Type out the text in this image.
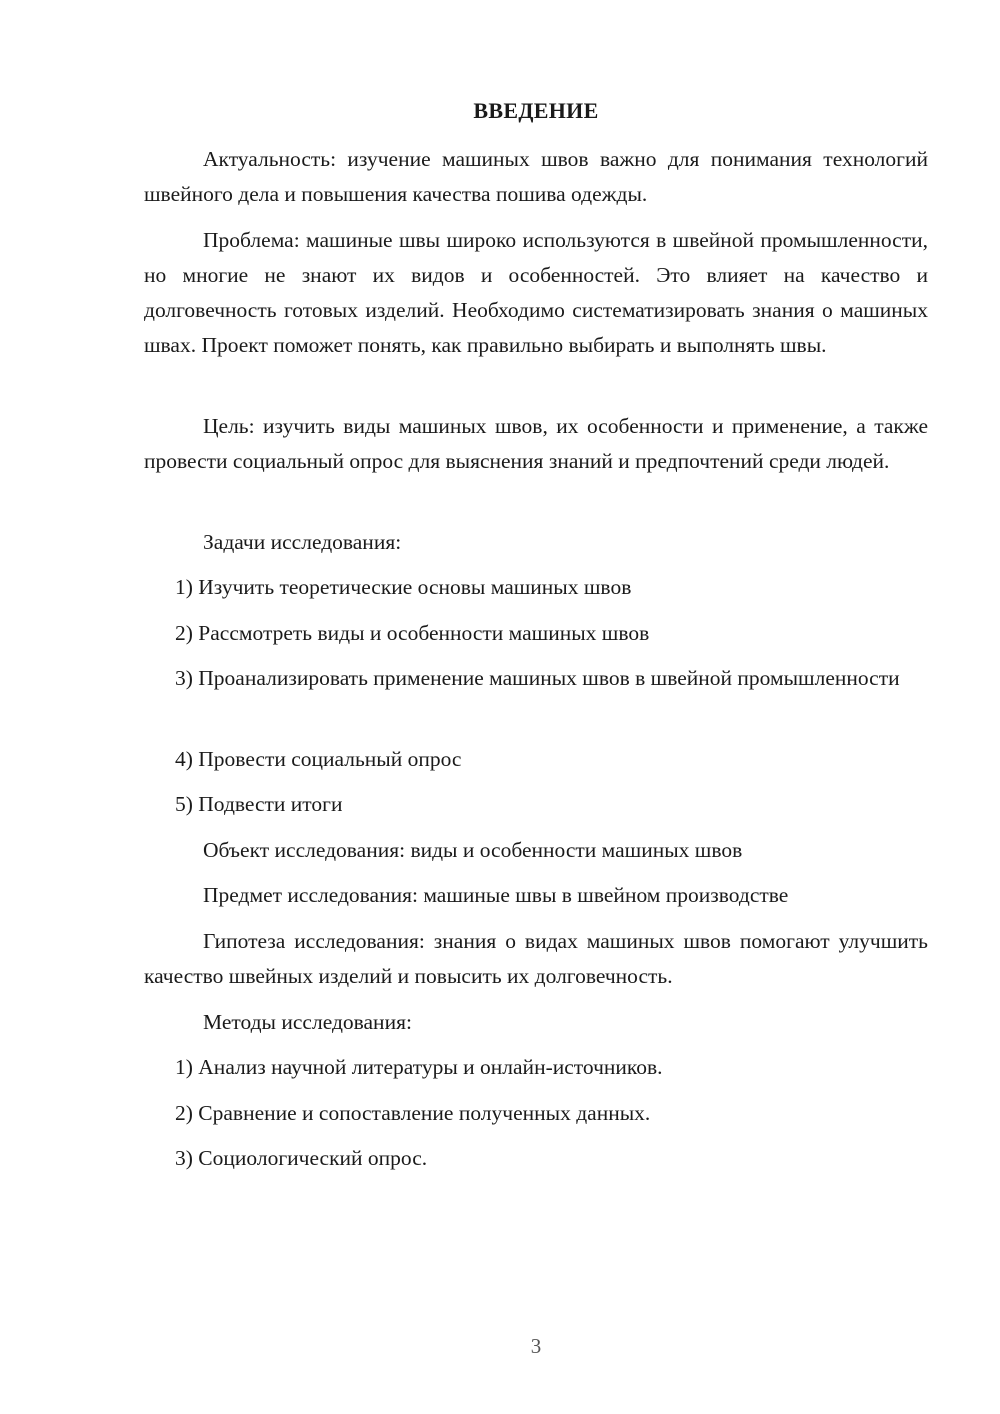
ВВЕДЕНИЕ

Актуальность: изучение машиных швов важно для понимания технологий швейного дела и повышения качества пошива одежды.

Проблема: машиные швы широко используются в швейной промышленности, но многие не знают их видов и особенностей. Это влияет на качество и долговечность готовых изделий. Необходимо систематизировать знания о машиных швах. Проект поможет понять, как правильно выбирать и выполнять швы.

Цель: изучить виды машиных швов, их особенности и применение, а также провести социальный опрос для выяснения знаний и предпочтений среди людей.

Задачи исследования:

1) Изучить теоретические основы машиных швов

2) Рассмотреть виды и особенности машиных швов

3) Проанализировать применение машиных швов в швейной промышленности

4) Провести социальный опрос

5) Подвести итоги

Объект исследования: виды и особенности машиных швов

Предмет исследования: машиные швы в швейном производстве

Гипотеза исследования: знания о видах машиных швов помогают улучшить качество швейных изделий и повысить их долговечность.

Методы исследования:

1) Анализ научной литературы и онлайн-источников.

2) Сравнение и сопоставление полученных данных.

3) Социологический опрос.

3
